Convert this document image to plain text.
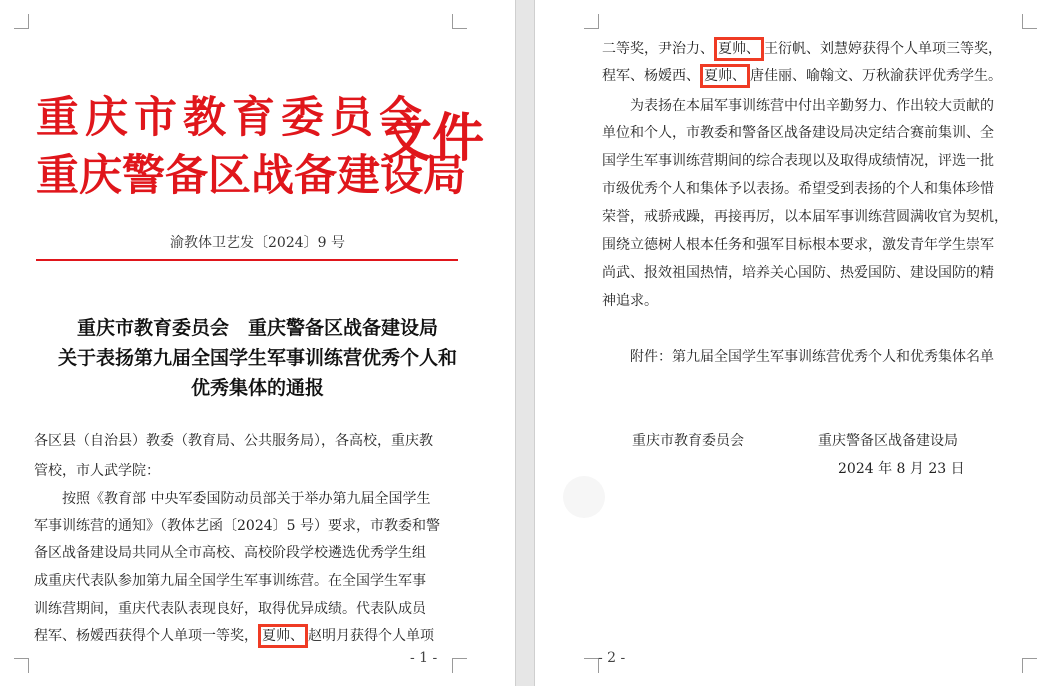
重庆市教育委员会
重庆警备区战备建设局
文件
渝教体卫艺发〔2024〕9 号
重庆市教育委员会　重庆警备区战备建设局
关于表扬第九届全国学生军事训练营优秀个人和
优秀集体的通报
各区县（自治县）教委（教育局、公共服务局），各高校，重庆教
管校，市人武学院：
按照《教育部 中央军委国防动员部关于举办第九届全国学生
军事训练营的通知》（教体艺函〔2024〕5 号）要求，市教委和警
备区战备建设局共同从全市高校、高校阶段学校遴选优秀学生组
成重庆代表队参加第九届全国学生军事训练营。在全国学生军事
训练营期间，重庆代表队表现良好，取得优异成绩。代表队成员
程军、杨嫒西获得个人单项一等奖， 夏帅、 赵明月获得个人单项
- 1 -
二等奖，尹治力、 夏帅、 王衍帆、刘慧婷获得个人单项三等奖，
程军、杨嫒西、 夏帅、 唐佳丽、喻翰文、万秋渝获评优秀学生。
为表扬在本届军事训练营中付出辛勤努力、作出较大贡献的
单位和个人，市教委和警备区战备建设局决定结合赛前集训、全
国学生军事训练营期间的综合表现以及取得成绩情况，评选一批
市级优秀个人和集体予以表扬。希望受到表扬的个人和集体珍惜
荣誉，戒骄戒躁，再接再厉，以本届军事训练营圆满收官为契机，
围绕立德树人根本任务和强军目标根本要求，激发青年学生崇军
尚武、报效祖国热情，培养关心国防、热爱国防、建设国防的精
神追求。
附件：第九届全国学生军事训练营优秀个人和优秀集体名单
重庆市教育委员会	重庆警备区战备建设局
2024 年 8 月 23 日
- 2 -
